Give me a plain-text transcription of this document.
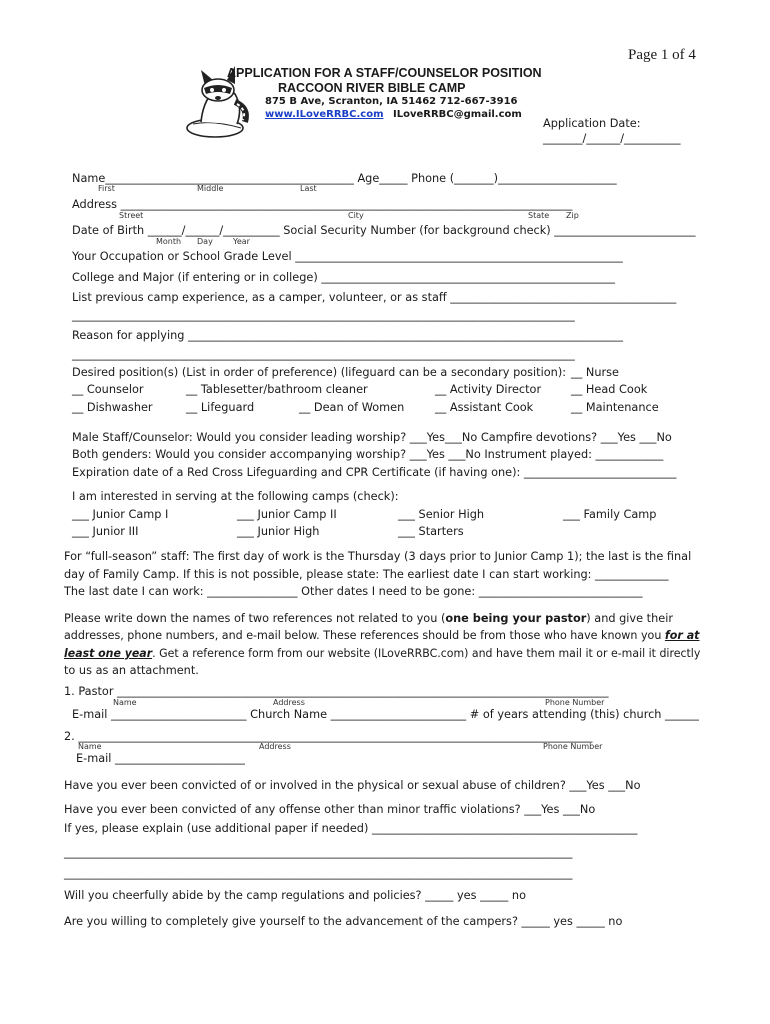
Page 1 of 4
APPLICATION FOR A STAFF/COUNSELOR POSITION
RACCOON RIVER BIBLE CAMP
875 B Ave, Scranton, IA 51462 712-667-3916
www.ILoveRRBC.com ILoveRRBC@gmail.com
Application Date:
_______/______/__________
Name____________________________________________ Age_____ Phone (_______)_____________________
First	Middle	Last
Address ________________________________________________________________________________
Street	City	State Zip
Date of Birth ______/______/__________ Social Security Number (for background check) _________________________
Month Day	Year
Your Occupation or School Grade Level __________________________________________________________
College and Major (if entering or in college) ____________________________________________________
List previous camp experience, as a camper, volunteer, or as staff ________________________________________
_________________________________________________________________________________________
Reason for applying _____________________________________________________________________________
_________________________________________________________________________________________
Desired position(s) (List in order of preference) (lifeguard can be a secondary position): __ Nurse
__ Counselor	__ Tablesetter/bathroom cleaner	__ Activity Director	__ Head Cook
__ Dishwasher	__ Lifeguard	__ Dean of Women	__ Assistant Cook	__ Maintenance
Male Staff/Counselor: Would you consider leading worship? ___Yes___No Campfire devotions? ___Yes ___No
Both genders: Would you consider accompanying worship? ___Yes ___No Instrument played: ____________
Expiration date of a Red Cross Lifeguarding and CPR Certificate (if having one): ___________________________
I am interested in serving at the following camps (check):
___ Junior Camp I	___ Junior Camp II	___ Senior High	___ Family Camp
___ Junior III	___ Junior High	___ Starters
For “full-season” staff: The first day of work is the Thursday (3 days prior to Junior Camp 1); the last is the final
day of Family Camp. If this is not possible, please state: The earliest date I can start working: _____________
The last date I can work: ________________ Other dates I need to be gone: _____________________________
Please write down the names of two references not related to you (one being your pastor) and give their
addresses, phone numbers, and e-mail below. These references should be from those who have known you for at
least one year. Get a reference form from our website (ILoveRRBC.com) and have them mail it or e-mail it directly
to us as an attachment.
1. Pastor _______________________________________________________________________________________
Name	Address	Phone Number
E-mail ________________________ Church Name ________________________ # of years attending (this) church ______
2. ___________________________________________________________________________________________
Name	Address	Phone Number
E-mail _______________________
Have you ever been convicted of or involved in the physical or sexual abuse of children? ___Yes ___No
Have you ever been convicted of any offense other than minor traffic violations? ___Yes ___No
If yes, please explain (use additional paper if needed) _______________________________________________
__________________________________________________________________________________________
__________________________________________________________________________________________
Will you cheerfully abide by the camp regulations and policies? _____ yes _____ no
Are you willing to completely give yourself to the advancement of the campers? _____ yes _____ no
